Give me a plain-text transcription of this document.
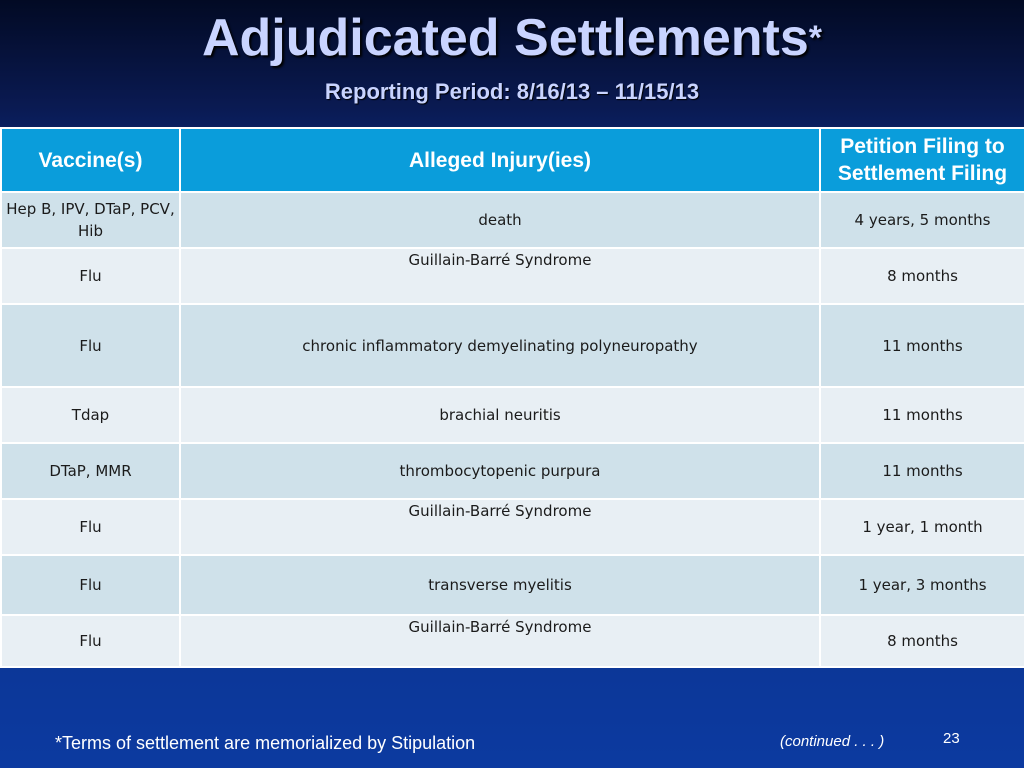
Adjudicated Settlements*
Reporting Period: 8/16/13 – 11/15/13
Vaccine(s)	Alleged Injury(ies)	Petition Filing to Settlement Filing
Hep B, IPV, DTaP, PCV, Hib	death	4 years, 5 months
Flu	Guillain-Barré Syndrome	8 months
Flu	chronic inflammatory demyelinating polyneuropathy	11 months
Tdap	brachial neuritis	11 months
DTaP, MMR	thrombocytopenic purpura	11 months
Flu	Guillain-Barré Syndrome	1 year, 1 month
Flu	transverse myelitis	1 year, 3 months
Flu	Guillain-Barré Syndrome	8 months
*Terms of settlement are memorialized by Stipulation	(continued . . . )	23
